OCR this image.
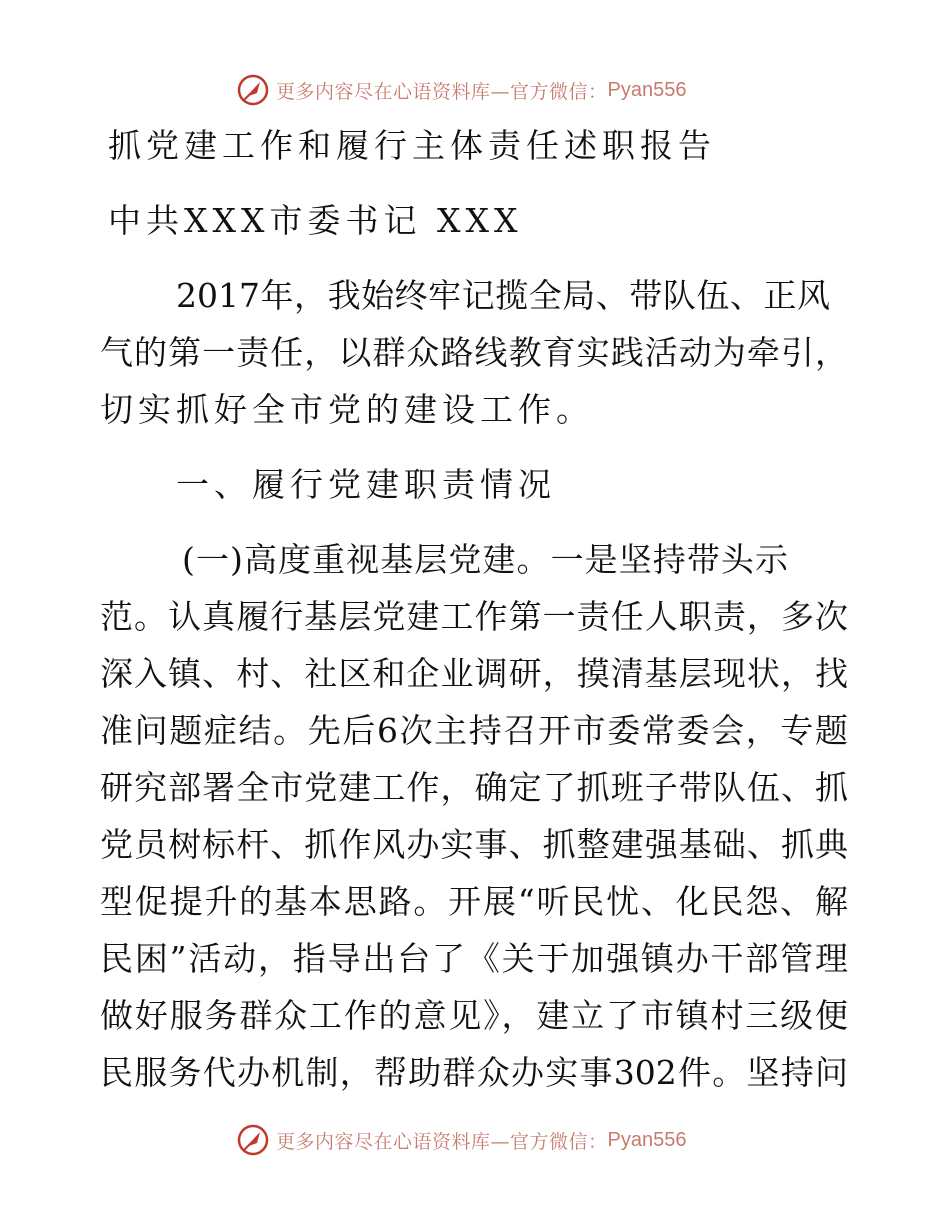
更多内容尽在心语资料库—官方微信： Pyan556
抓党建工作和履行主体责任述职报告
中共XXX市委书记 XXX
2017年，我始终牢记揽全局、带队伍、正风
气的第一责任，以群众路线教育实践活动为牵引，
切实抓好全市党的建设工作。
一、履行党建职责情况
(一)高度重视基层党建。一是坚持带头示
范。认真履行基层党建工作第一责任人职责，多次
深入镇、村、社区和企业调研，摸清基层现状，找
准问题症结。先后6次主持召开市委常委会，专题
研究部署全市党建工作，确定了抓班子带队伍、抓
党员树标杆、抓作风办实事、抓整建强基础、抓典
型促提升的基本思路。开展“听民忧、化民怨、解
民困”活动，指导出台了《关于加强镇办干部管理
做好服务群众工作的意见》，建立了市镇村三级便
民服务代办机制，帮助群众办实事302件。坚持问
更多内容尽在心语资料库—官方微信： Pyan556
